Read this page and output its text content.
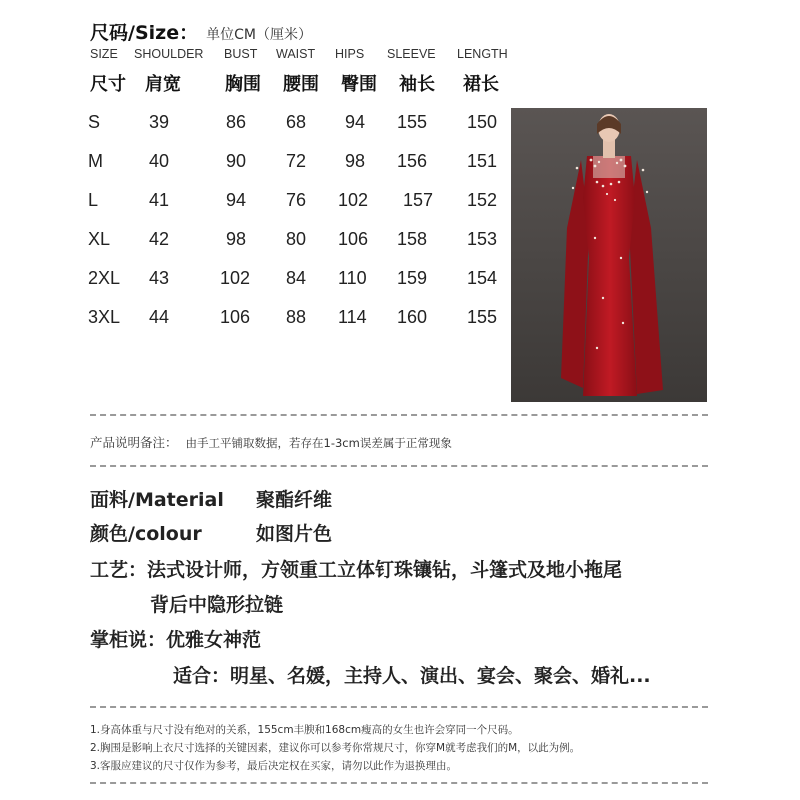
尺码/Size： 单位CM（厘米）
SIZE SHOULDER BUST WAIST HIPS SLEEVE LENGTH
尺寸 肩宽 胸围 腰围 臀围 袖长 裙长
S	39	86 68 94 155 150
M	40	90 72 98 156 151
L	41	94 76 102 157 152
XL 42	98 80 106 158 153
2XL 43	102 84 110 159 154
3XL 44	106 88 114 160 155
产品说明备注： 由手工平铺取数据，若存在1-3cm误差属于正常现象
面料/Material 聚酯纤维
颜色/colour	如图片色
工艺：法式设计师，方领重工立体钉珠镶钻，斗篷式及地小拖尾
背后中隐形拉链
掌柜说：优雅女神范
适合：明星、名媛，主持人、演出、宴会、聚会、婚礼...
1.身高体重与尺寸没有绝对的关系，155cm丰腴和168cm瘦高的女生也许会穿同一个尺码。
2.胸围是影响上衣尺寸选择的关键因素，建议你可以参考你常规尺寸，你穿M就考虑我们的M，以此为例。
3.客服应建议的尺寸仅作为参考，最后决定权在买家，请勿以此作为退换理由。
